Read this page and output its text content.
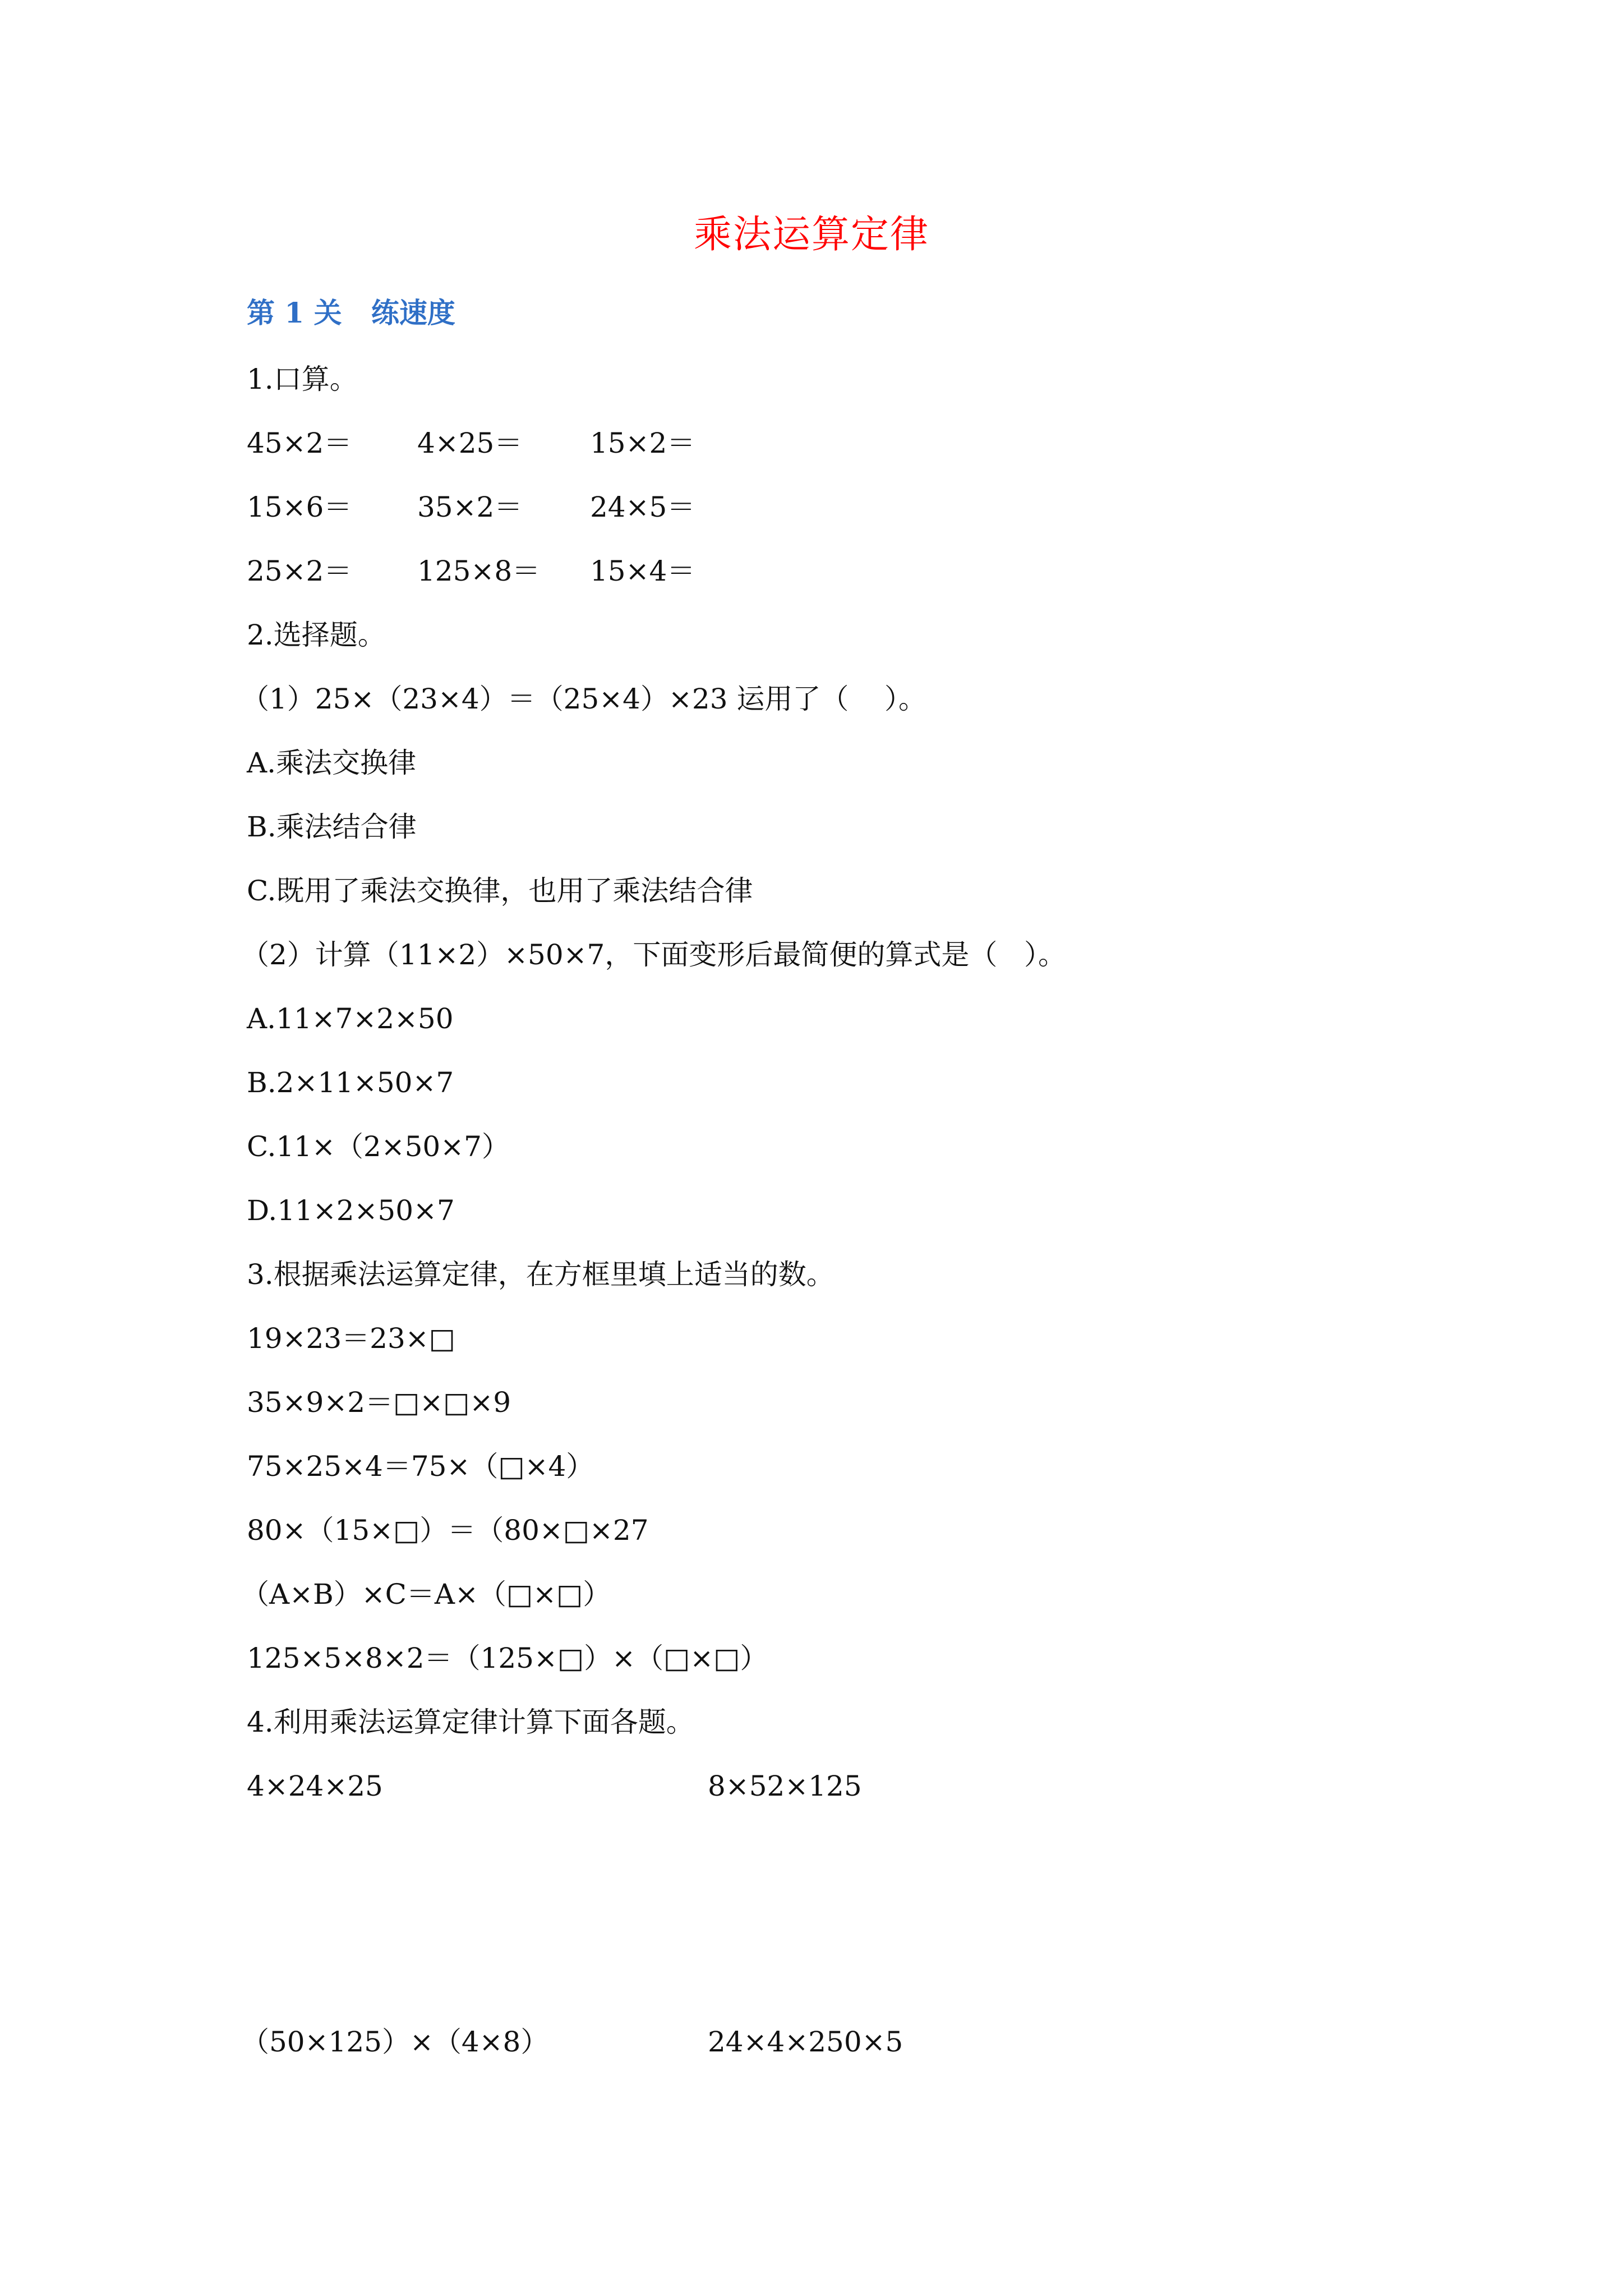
乘法运算定律
第 1 关   练速度
1.口算。
45×2＝ 4×25＝ 15×2＝
15×6＝ 35×2＝ 24×5＝
25×2＝ 125×8＝ 15×4＝
2.选择题。
（1）25×（23×4）＝（25×4）×23 运用了（    ）。
A.乘法交换律
B.乘法结合律
C.既用了乘法交换律，也用了乘法结合律
（2）计算（11×2）×50×7，下面变形后最简便的算式是（   ）。
A.11×7×2×50
B.2×11×50×7
C.11×（2×50×7）
D.11×2×50×7
3.根据乘法运算定律，在方框里填上适当的数。
19×23＝23×□
35×9×2＝□×□×9
75×25×4＝75×（□×4）
80×（15×□）＝（80×□×27
（A×B）×C＝A×（□×□）
125×5×8×2＝（125×□）×（□×□）
4.利用乘法运算定律计算下面各题。
4×24×25	8×52×125
（50×125）×（4×8）	24×4×250×5
